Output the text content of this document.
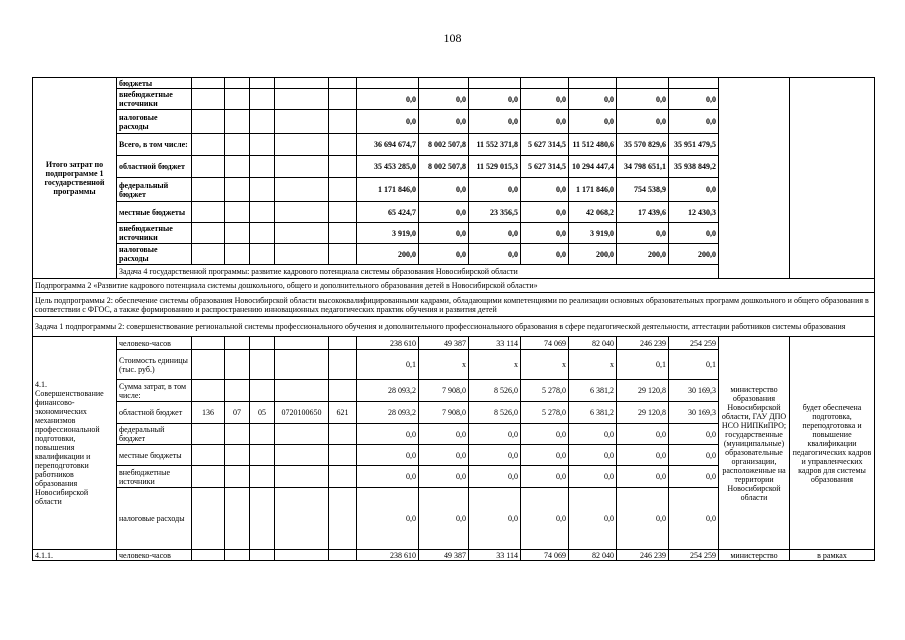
108
Итого затрат по подпрограмме 1 государственной программы	бюджеты														
	внебюджетные источники						0,0	0,0	0,0	0,0	0,0	0,0	0,0		
	налоговые расходы						0,0	0,0	0,0	0,0	0,0	0,0	0,0		
	Всего, в том числе:						36 694 674,7	8 002 507,8	11 552 371,8	5 627 314,5	11 512 480,6	35 570 829,6	35 951 479,5		
	областной бюджет						35 453 285,0	8 002 507,8	11 529 015,3	5 627 314,5	10 294 447,4	34 798 651,1	35 938 849,2		
	федеральный бюджет						1 171 846,0	0,0	0,0	0,0	1 171 846,0	754 538,9	0,0		
	местные бюджеты						65 424,7	0,0	23 356,5	0,0	42 068,2	17 439,6	12 430,3		
	внебюджетные источники						3 919,0	0,0	0,0	0,0	3 919,0	0,0	0,0		
	налоговые расходы						200,0	0,0	0,0	0,0	200,0	200,0	200,0		
	Задача 4 государственной программы: развитие кадрового потенциала системы образования Новосибирской области														
Подпрограмма 2 «Развитие кадрового потенциала системы дошкольного, общего и дополнительного образования детей в Новосибирской области»															
Цель подпрограммы 2: обеспечение системы образования Новосибирской области высококвалифицированными кадрами, обладающими компетенциями по реализации основных образовательных программ дошкольного и общего образования в соответствии с ФГОС, а также формированию и распространению инновационных педагогических практик обучения и развития детей															
Задача 1 подпрограммы 2: совершенствование региональной системы профессионального обучения и дополнительного профессионального образования в сфере педагогической деятельности, аттестации работников системы образования															
4.1. Совершенствование финансово-экономических механизмов профессиональной подготовки, повышения квалификации и переподготовки работников образования Новосибирской области	человеко-часов						238 610	49 387	33 114	74 069	82 040	246 239	254 259	министерство образования Новосибирской области, ГАУ ДПО НСО НИПКиПРО; государственные (муниципальные) образовательные организации, расположенные на территории Новосибирской области	будет обеспечена подготовка, переподготовка и повышение квалификации педагогических кадров и управленческих кадров для системы образования
	Стоимость единицы (тыс. руб.)						0,1	x	x	x	x	0,1	0,1		
	Сумма затрат, в том числе:						28 093,2	7 908,0	8 526,0	5 278,0	6 381,2	29 120,8	30 169,3		
	областной бюджет	136	07	05	0720100650	621	28 093,2	7 908,0	8 526,0	5 278,0	6 381,2	29 120,8	30 169,3		
	федеральный бюджет						0,0	0,0	0,0	0,0	0,0	0,0	0,0		
	местные бюджеты						0,0	0,0	0,0	0,0	0,0	0,0	0,0		
	внебюджетные источники						0,0	0,0	0,0	0,0	0,0	0,0	0,0		
	налоговые расходы						0,0	0,0	0,0	0,0	0,0	0,0	0,0		
4.1.1.	человеко-часов						238 610	49 387	33 114	74 069	82 040	246 239	254 259	министерство	в рамках
